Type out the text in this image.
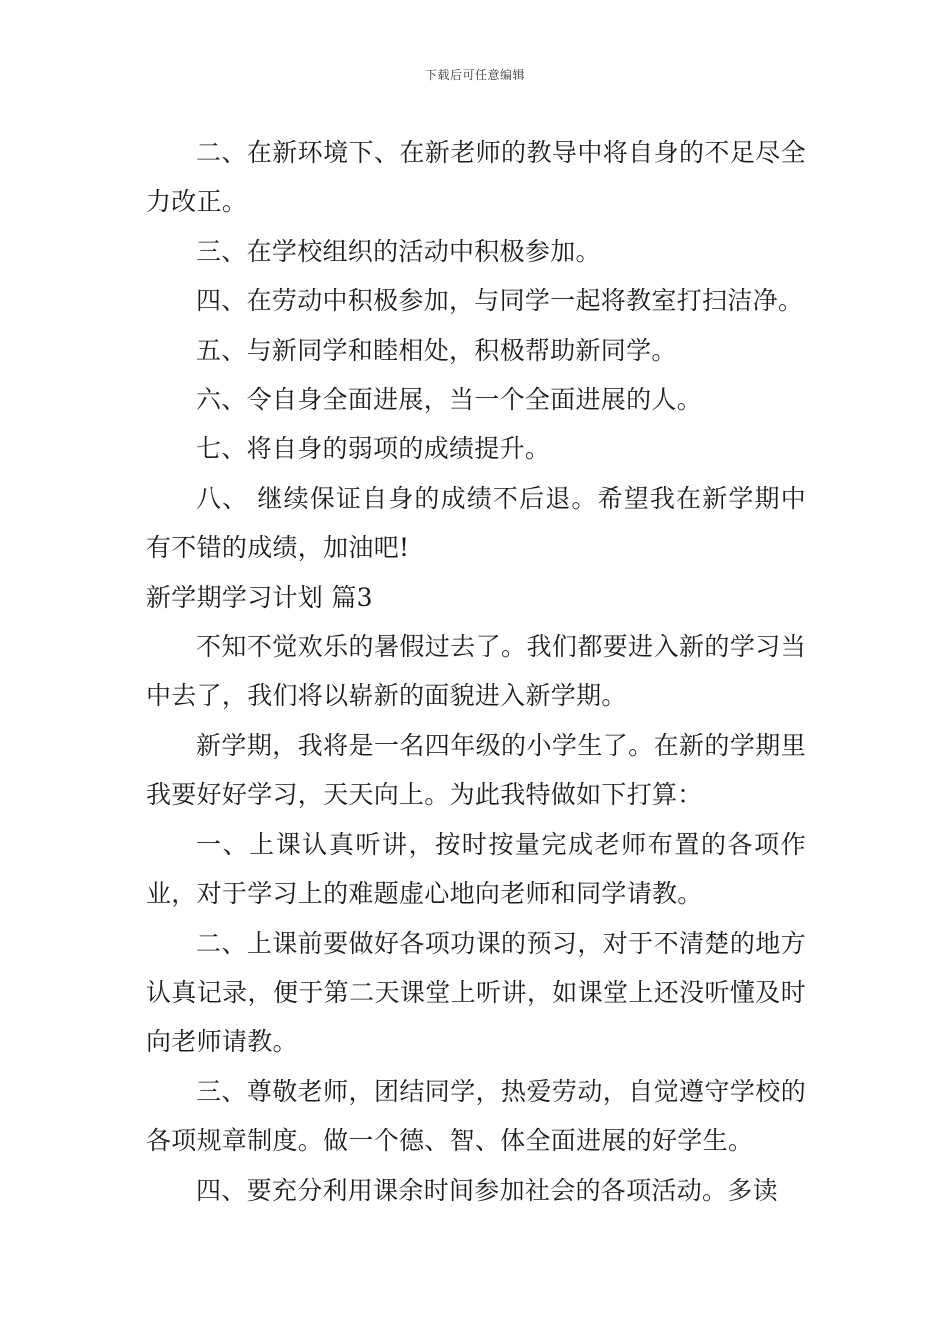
下载后可任意编辑

二、在新环境下、在新老师的教导中将自身的不足尽全力改正。

三、在学校组织的活动中积极参加。

四、在劳动中积极参加，与同学一起将教室打扫洁净。

五、与新同学和睦相处，积极帮助新同学。

六、令自身全面进展，当一个全面进展的人。

七、将自身的弱项的成绩提升。

八、 继续保证自身的成绩不后退。希望我在新学期中有不错的成绩，加油吧!

新学期学习计划 篇3

不知不觉欢乐的暑假过去了。我们都要进入新的学习当中去了，我们将以崭新的面貌进入新学期。

新学期，我将是一名四年级的小学生了。在新的学期里我要好好学习，天天向上。为此我特做如下打算：

一、上课认真听讲，按时按量完成老师布置的各项作业，对于学习上的难题虚心地向老师和同学请教。

二、上课前要做好各项功课的预习，对于不清楚的地方认真记录，便于第二天课堂上听讲，如课堂上还没听懂及时向老师请教。

三、尊敬老师，团结同学，热爱劳动，自觉遵守学校的各项规章制度。做一个德、智、体全面进展的好学生。

四、要充分利用课余时间参加社会的各项活动。多读
